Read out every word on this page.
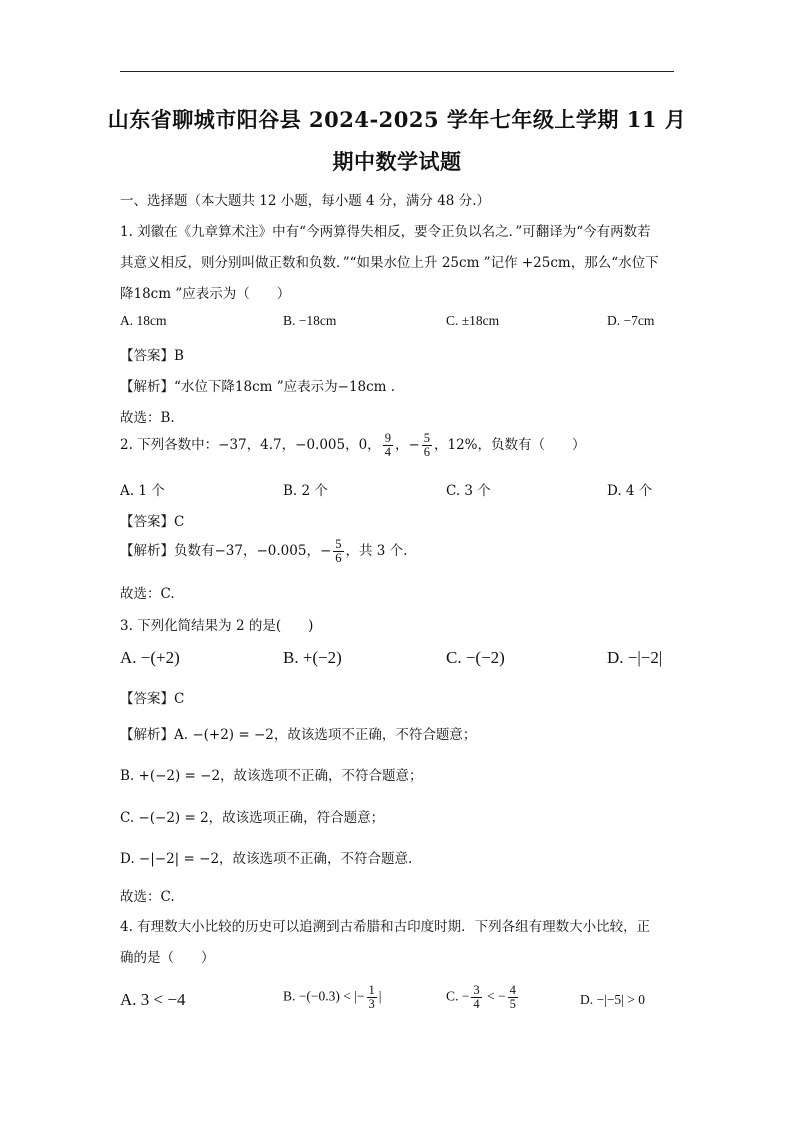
山东省聊城市阳谷县 2024-2025 学年七年级上学期 11 月
期中数学试题
一、选择题（本大题共 12 小题，每小题 4 分，满分 48 分.）
1. 刘徽在《九章算术注》中有“今两算得失相反，要令正负以名之．”可翻译为“今有两数若
其意义相反，则分别叫做正数和负数．”“如果水位上升 25cm ”记作 +25cm，那么“水位下
降18cm ”应表示为（　　）
A. 18cm	B. −18cm	C. ±18cm	D. −7cm
【答案】B
【解析】“水位下降18cm ”应表示为−18cm .
故选：B.
2. 下列各数中：−37，4.7，−0.005，0， $\frac{9}{4}$ ，− $\frac{5}{6}$ ，12%，负数有（　　）
A. 1 个	B. 2 个	C. 3 个	D. 4 个
【答案】C
【解析】负数有−37，−0.005，− $\frac{5}{6}$ ，共 3 个.
故选：C.
3. 下列化简结果为 2 的是(　　)
A. −(+2)	B. +(−2)	C. −(−2)	D. −|−2|
【答案】C
【解析】A. −(+2) = −2，故该选项不正确，不符合题意；
B. +(−2) = −2，故该选项不正确，不符合题意；
C. −(−2) = 2，故该选项正确，符合题意；
D. −|−2| = −2，故该选项不正确，不符合题意.
故选：C.
4. 有理数大小比较的历史可以追溯到古希腊和古印度时期．下列各组有理数大小比较，正
确的是（　　）
A. 3 < −4	B. −(−0.3) < |− $\frac{1}{3}$ |	C. − $\frac{3}{4}$ < − $\frac{4}{5}$	D. −|−5| > 0
